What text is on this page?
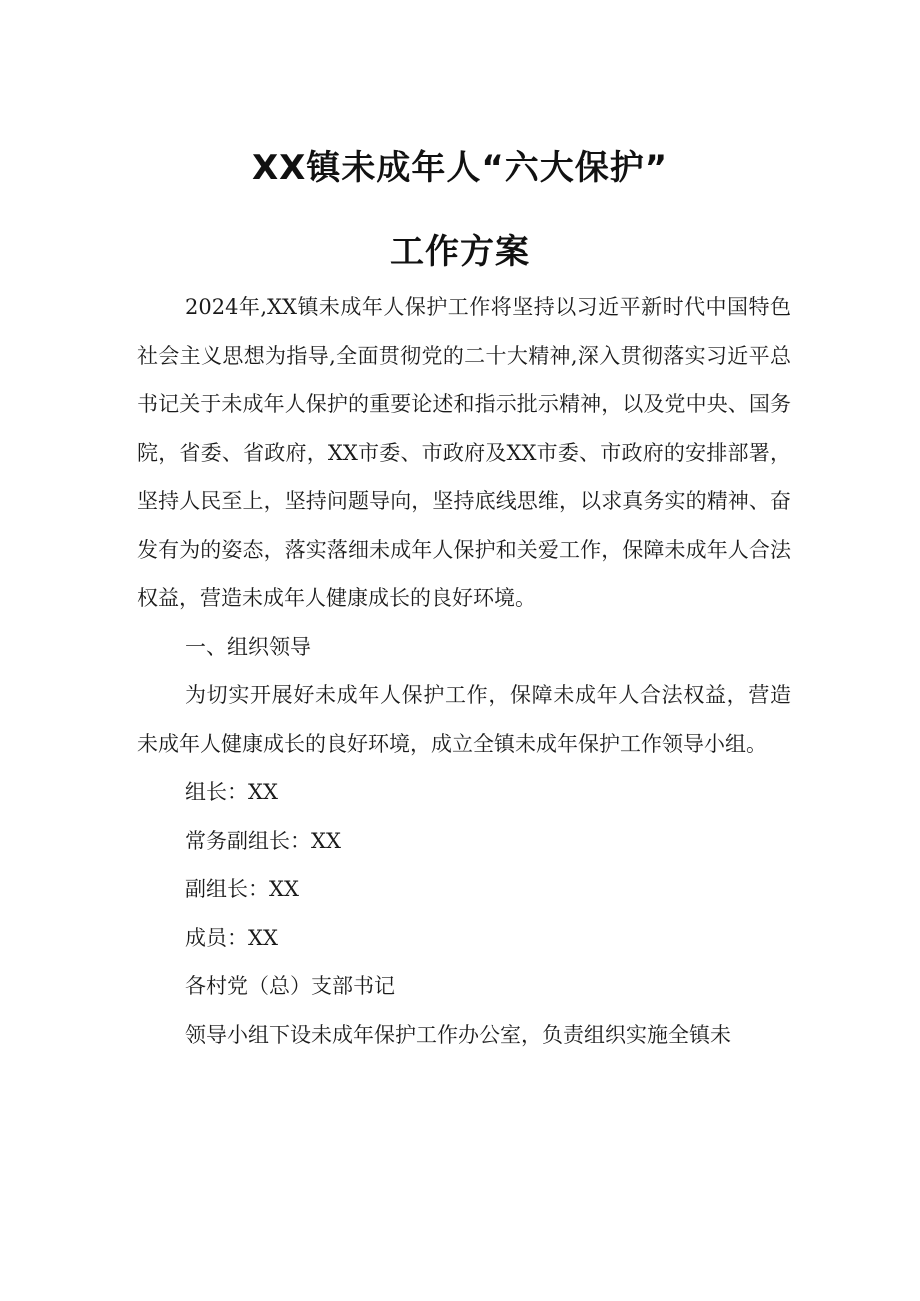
XX镇未成年人“六大保护”
工作方案

2024年,XX镇未成年人保护工作将坚持以习近平新时代中国特色社会主义思想为指导,全面贯彻党的二十大精神,深入贯彻落实习近平总书记关于未成年人保护的重要论述和指示批示精神，以及党中央、国务院，省委、省政府，XX市委、市政府及XX市委、市政府的安排部署，坚持人民至上，坚持问题导向，坚持底线思维，以求真务实的精神、奋发有为的姿态，落实落细未成年人保护和关爱工作，保障未成年人合法权益，营造未成年人健康成长的良好环境。

一、组织领导

为切实开展好未成年人保护工作，保障未成年人合法权益，营造未成年人健康成长的良好环境，成立全镇未成年保护工作领导小组。

组长：XX

常务副组长：XX

副组长：XX

成员：XX

各村党（总）支部书记

领导小组下设未成年保护工作办公室，负责组织实施全镇未
